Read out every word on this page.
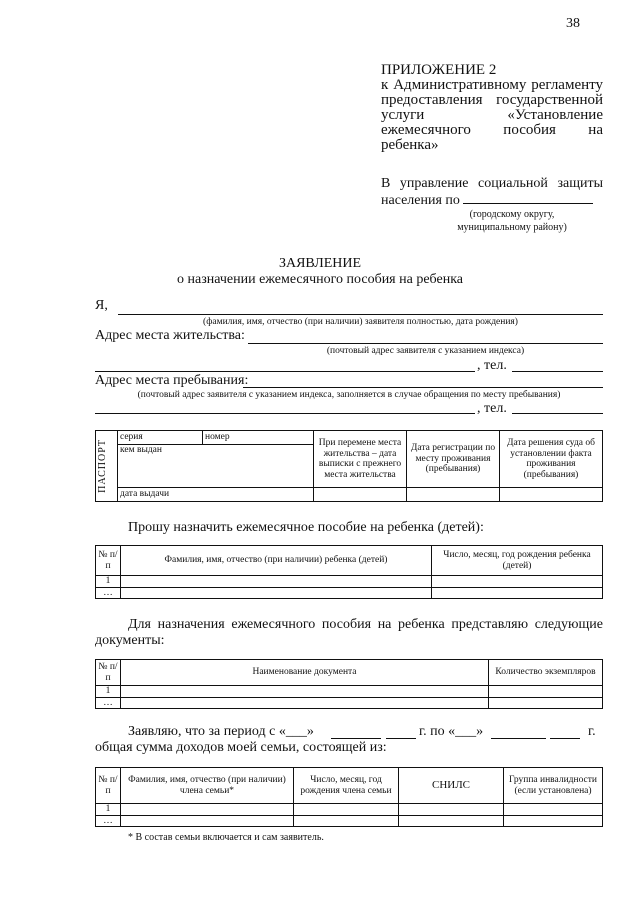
38
ПРИЛОЖЕНИЕ 2
к Административному регламенту предоставления государственной услуги «Установление ежемесячного пособия на ребенка»
В управление социальной защиты
населения по
(городскому округу,
муниципальному району)
ЗАЯВЛЕНИЕ
о назначении ежемесячного пособия на ребенка
Я,
(фамилия, имя, отчество (при наличии) заявителя полностью, дата рождения)
Адрес места жительства:
(почтовый адрес заявителя с указанием индекса)
, тел.
Адрес места пребывания:
(почтовый адрес заявителя с указанием индекса, заполняется в случае обращения по месту пребывания)
, тел.
ПАСПОРТ	серия	номер	При перемене места жительства – дата выписки с прежнего места жительства	Дата регистрации по месту проживания (пребывания)	Дата решения суда об установлении факта проживания (пребывания)
	кем выдан				
	дата выдачи				
Прошу назначить ежемесячное пособие на ребенка (детей):
№ п/п	Фамилия, имя, отчество (при наличии) ребенка (детей)	Число, месяц, год рождения ребенка (детей)
1		
…		
Для назначения ежемесячного пособия на ребенка представляю следующие документы:
№ п/п	Наименование документа	Количество экземпляров
1		
…		
Заявляю, что за период с «___»	г. по «___»	г.
общая сумма доходов моей семьи, состоящей из:
№ п/п	Фамилия, имя, отчество (при наличии) члена семьи*	Число, месяц, год рождения члена семьи	СНИЛС	Группа инвалидности (если установлена)
1				
…				
* В состав семьи включается и сам заявитель.
